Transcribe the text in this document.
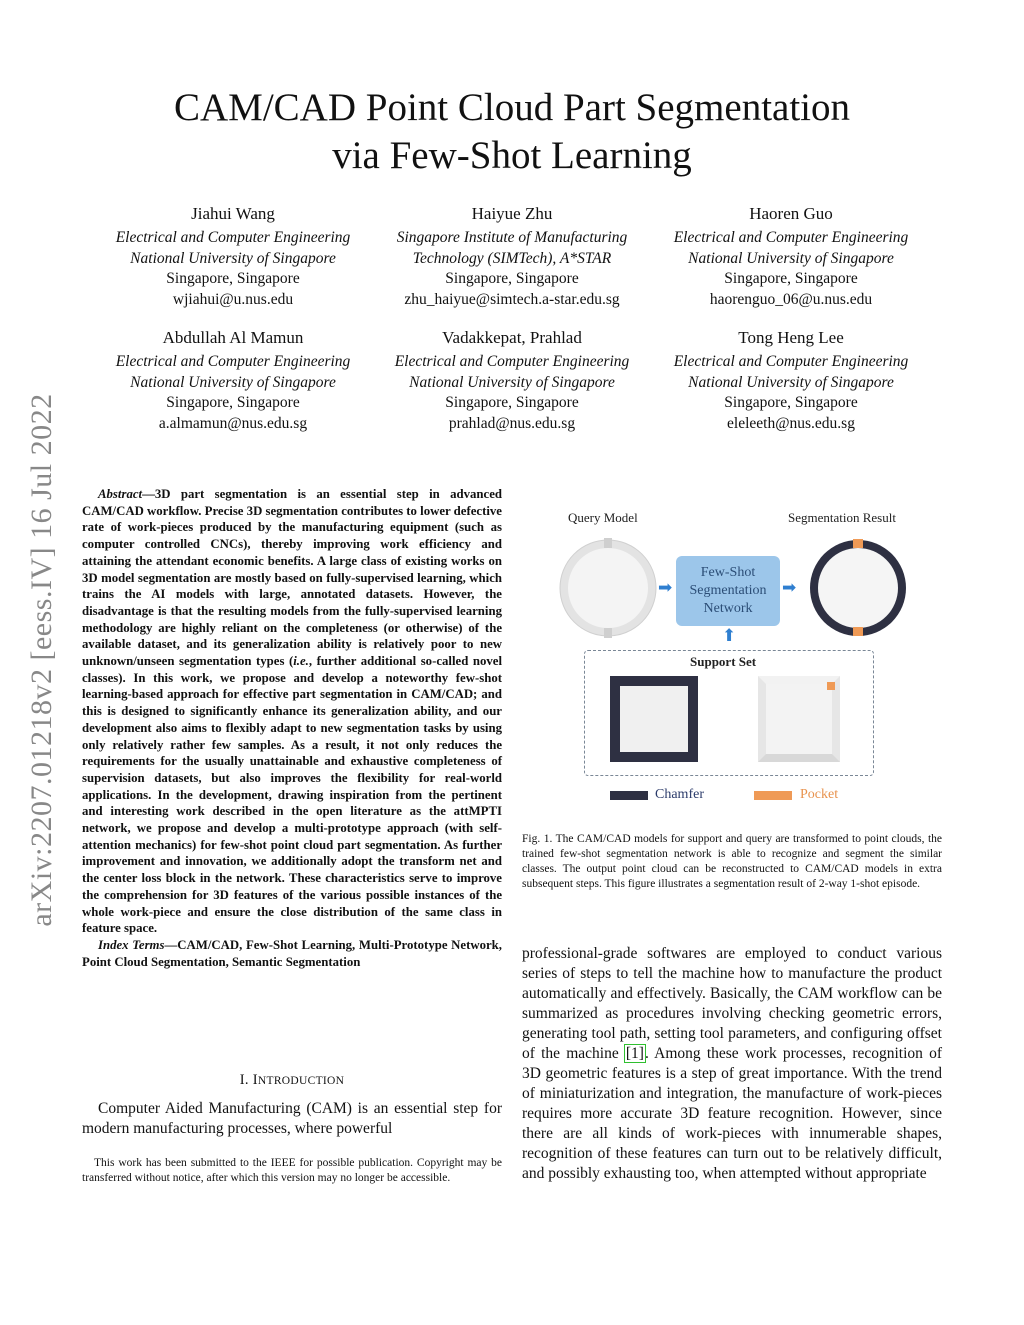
CAM/CAD Point Cloud Part Segmentation
via Few-Shot Learning
arXiv:2207.01218v2 [eess.IV] 16 Jul 2022
Jiahui Wang
Electrical and Computer Engineering
National University of Singapore
Singapore, Singapore
wjiahui@u.nus.edu
Haiyue Zhu
Singapore Institute of Manufacturing
Technology (SIMTech), A*STAR
Singapore, Singapore
zhu_haiyue@simtech.a-star.edu.sg
Haoren Guo
Electrical and Computer Engineering
National University of Singapore
Singapore, Singapore
haorenguo_06@u.nus.edu
Abdullah Al Mamun
Electrical and Computer Engineering
National University of Singapore
Singapore, Singapore
a.almamun@nus.edu.sg
Vadakkepat, Prahlad
Electrical and Computer Engineering
National University of Singapore
Singapore, Singapore
prahlad@nus.edu.sg
Tong Heng Lee
Electrical and Computer Engineering
National University of Singapore
Singapore, Singapore
eleleeth@nus.edu.sg

Abstract—3D part segmentation is an essential step in advanced CAM/CAD workflow. Precise 3D segmentation contributes to lower defective rate of work-pieces produced by the manufacturing equipment (such as computer controlled CNCs), thereby improving work efficiency and attaining the attendant economic benefits. A large class of existing works on 3D model segmentation are mostly based on fully-supervised learning, which trains the AI models with large, annotated datasets. However, the disadvantage is that the resulting models from the fully-supervised learning methodology are highly reliant on the completeness (or otherwise) of the available dataset, and its generalization ability is relatively poor to new unknown/unseen segmentation types (i.e., further additional so-called novel classes). In this work, we propose and develop a noteworthy few-shot learning-based approach for effective part segmentation in CAM/CAD; and this is designed to significantly enhance its generalization ability, and our development also aims to flexibly adapt to new segmentation tasks by using only relatively rather few samples. As a result, it not only reduces the requirements for the usually unattainable and exhaustive completeness of supervision datasets, but also improves the flexibility for real-world applications. In the development, drawing inspiration from the pertinent and interesting work described in the open literature as the attMPTI network, we propose and develop a multi-prototype approach (with self-attention mechanics) for few-shot point cloud part segmentation. As further improvement and innovation, we additionally adopt the transform net and the center loss block in the network. These characteristics serve to improve the comprehension for 3D features of the various possible instances of the whole work-piece and ensure the close distribution of the same class in feature space.

Index Terms—CAM/CAD, Few-Shot Learning, Multi-Prototype Network, Point Cloud Segmentation, Semantic Segmentation

I. INTRODUCTION
Computer Aided Manufacturing (CAM) is an essential step for modern manufacturing processes, where powerful

This work has been submitted to the IEEE for possible publication. Copyright may be transferred without notice, after which this version may no longer be accessible.

Query Model	Segmentation Result
➡	➡
⬆
Few-Shot
Segmentation
Network
Support Set
Chamfer	Pocket
Fig. 1. The CAM/CAD models for support and query are transformed to point clouds, the trained few-shot segmentation network is able to recognize and segment the similar classes. The output point cloud can be reconstructed to CAM/CAD models in extra subsequent steps. This figure illustrates a segmentation result of 2-way 1-shot episode.
professional-grade softwares are employed to conduct various series of steps to tell the machine how to manufacture the product automatically and effectively. Basically, the CAM workflow can be summarized as procedures involving checking geometric errors, generating tool path, setting tool parameters, and configuring offset of the machine [1]. Among these work processes, recognition of 3D geometric features is a step of great importance. With the trend of miniaturization and integration, the manufacture of work-pieces requires more accurate 3D feature recognition. However, since there are all kinds of work-pieces with innumerable shapes, recognition of these features can turn out to be relatively difficult, and possibly exhausting too, when attempted without appropriate
